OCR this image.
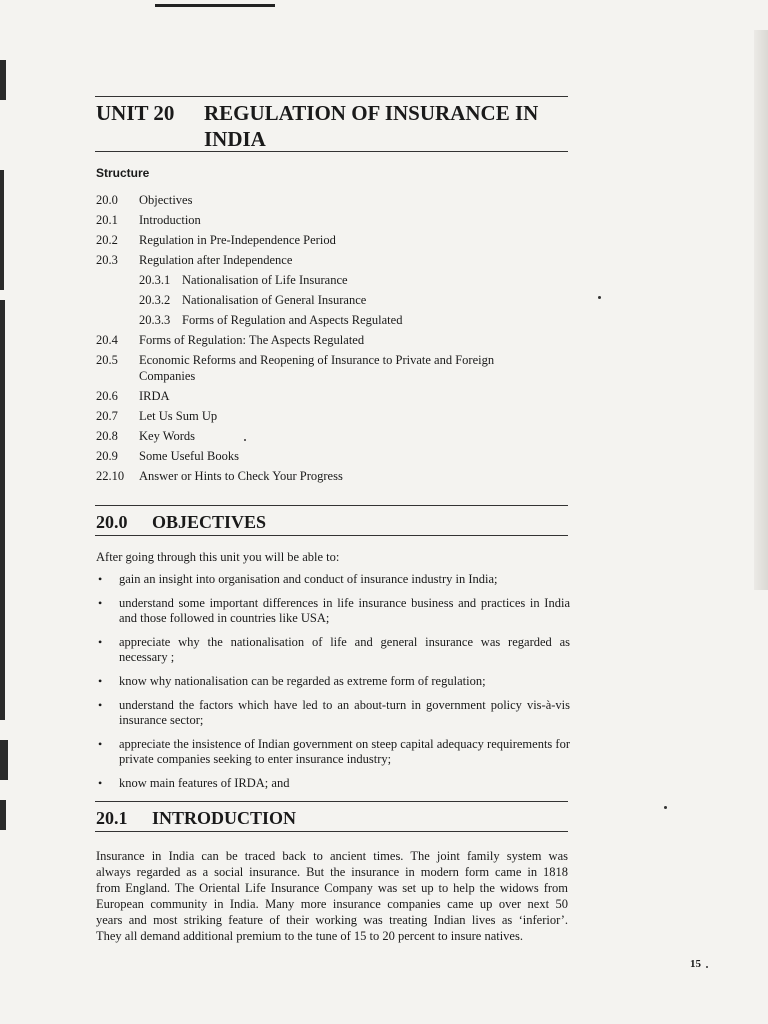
UNIT 20 REGULATION OF INSURANCE IN INDIA
Structure
20.0 Objectives
20.1 Introduction
20.2 Regulation in Pre-Independence Period
20.3 Regulation after Independence
20.3.1 Nationalisation of Life Insurance
20.3.2 Nationalisation of General Insurance
20.3.3 Forms of Regulation and Aspects Regulated
20.4 Forms of Regulation: The Aspects Regulated
20.5 Economic Reforms and Reopening of Insurance to Private and Foreign Companies
20.6 IRDA
20.7 Let Us Sum Up
20.8 Key Words
20.9 Some Useful Books
22.10 Answer or Hints to Check Your Progress
20.0 OBJECTIVES
After going through this unit you will be able to:
• gain an insight into organisation and conduct of insurance industry in India;
• understand some important differences in life insurance business and practices in India and those followed in countries like USA;
• appreciate why the nationalisation of life and general insurance was regarded as necessary ;
• know why nationalisation can be regarded as extreme form of regulation;
• understand the factors which have led to an about-turn in government policy vis-à-vis insurance sector;
• appreciate the insistence of Indian government on steep capital adequacy requirements for private companies seeking to enter insurance industry;
• know main features of IRDA; and
20.1 INTRODUCTION
Insurance in India can be traced back to ancient times. The joint family system was
always regarded as a social insurance. But the insurance in modern form came in 1818
from England. The Oriental Life Insurance Company was set up to help the widows from
European community in India. Many more insurance companies came up over next 50
years and most striking feature of their working was treating Indian lives as ‘inferior’.
They all demand additional premium to the tune of 15 to 20 percent to insure natives.
15
